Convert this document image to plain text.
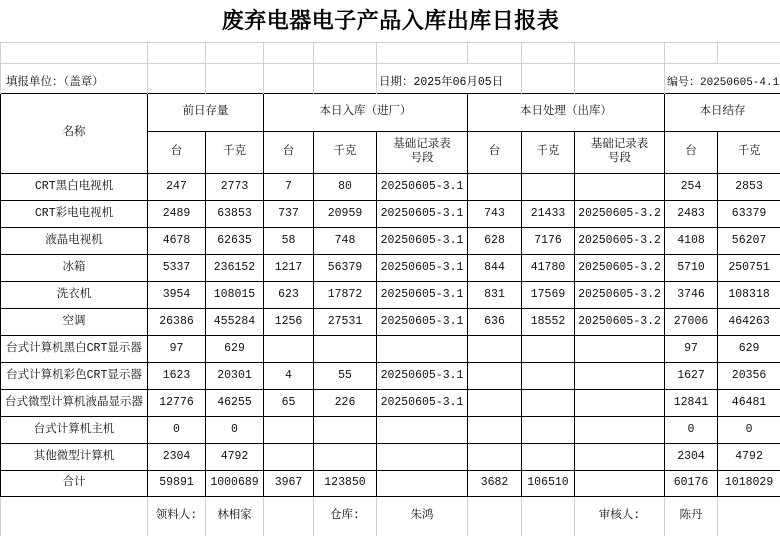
废弃电器电子产品入库出库日报表										

填报单位：（盖章）					日期：2025年06月05日				编号：20250605-4.1	
名称	前日存量		本日入库（进厂）			本日处理（出库）			本日结存	
	台	千克	台	千克	基础记录表号段	台	千克	基础记录表号段	台	千克
CRT黑白电视机	247	2773	7	80	20250605-3.1				254	2853
CRT彩电电视机	2489	63853	737	20959	20250605-3.1	743	21433	20250605-3.2	2483	63379
液晶电视机	4678	62635	58	748	20250605-3.1	628	7176	20250605-3.2	4108	56207
冰箱	5337	236152	1217	56379	20250605-3.1	844	41780	20250605-3.2	5710	250751
洗衣机	3954	108015	623	17872	20250605-3.1	831	17569	20250605-3.2	3746	108318
空调	26386	455284	1256	27531	20250605-3.1	636	18552	20250605-3.2	27006	464263
台式计算机黑白CRT显示器	97	629							97	629
台式计算机彩色CRT显示器	1623	20301	4	55	20250605-3.1				1627	20356
台式微型计算机液晶显示器	12776	46255	65	226	20250605-3.1				12841	46481
台式计算机主机	0	0							0	0
其他微型计算机	2304	4792							2304	4792
合计	59891	1000689	3967	123850		3682	106510		60176	1018029
	领料人:	林相家		仓库:	朱鸿			审核人:	陈丹	
